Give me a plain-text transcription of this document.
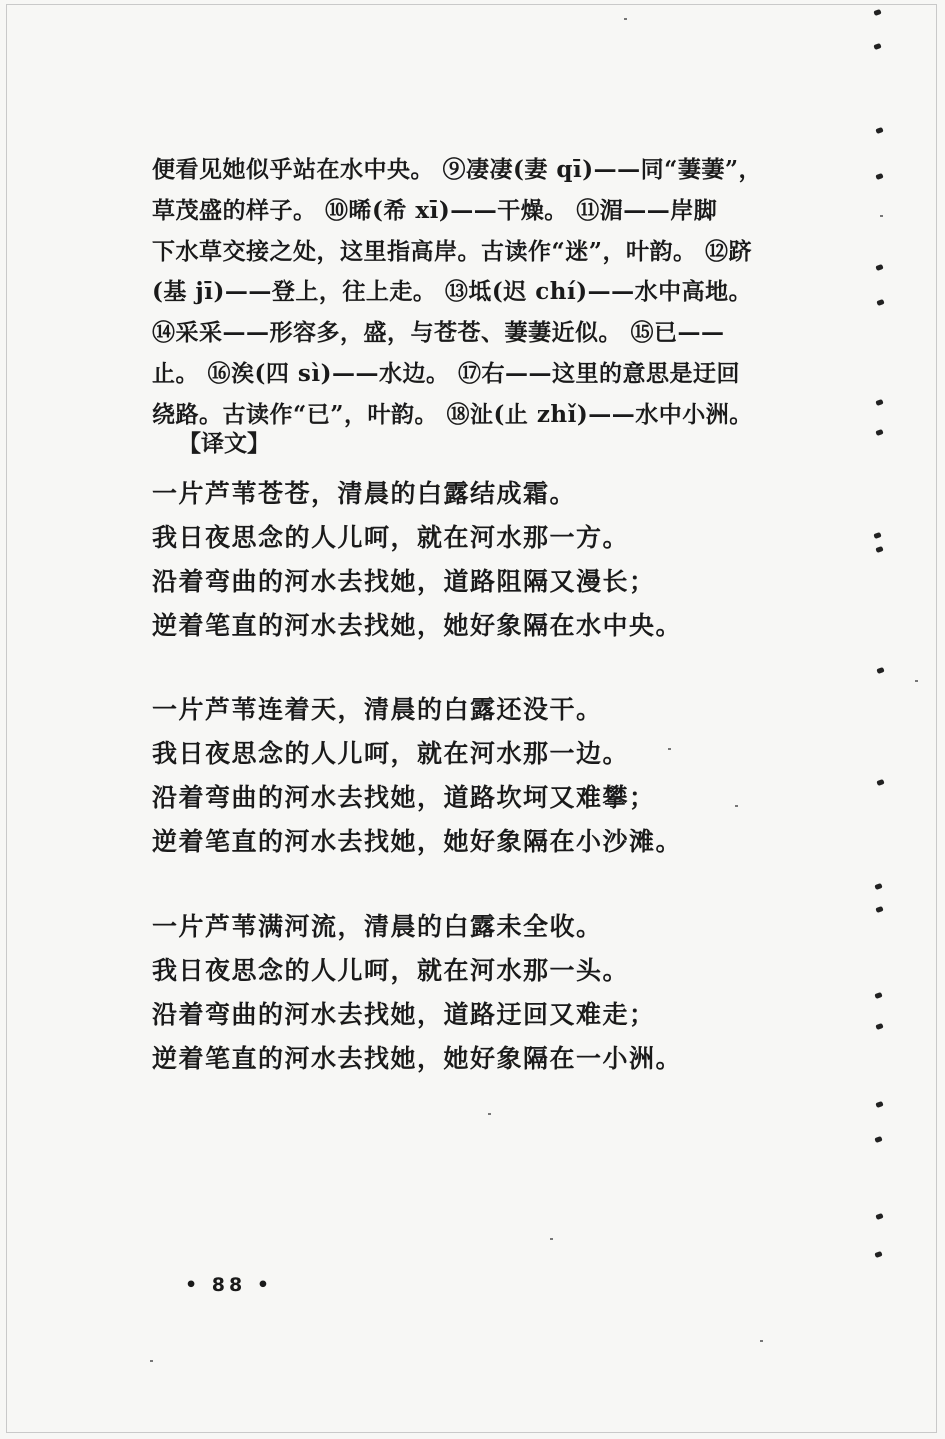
便看见她似乎站在水中央。 ⑨凄凄(妻 qī)——同“萋萋”，
草茂盛的样子。 ⑩晞(希 xī)——干燥。 ⑪湄——岸脚
下水草交接之处，这里指高岸。古读作“迷”，叶韵。 ⑫跻
(基 jī)——登上，往上走。 ⑬坻(迟 chí)——水中高地。
⑭采采——形容多，盛，与苍苍、萋萋近似。 ⑮已——
止。 ⑯涘(四 sì)——水边。 ⑰右——这里的意思是迂回
绕路。古读作“已”，叶韵。 ⑱沚(止 zhǐ)——水中小洲。
【译文】
一片芦苇苍苍，清晨的白露结成霜。
我日夜思念的人儿呵，就在河水那一方。
沿着弯曲的河水去找她，道路阻隔又漫长；
逆着笔直的河水去找她，她好象隔在水中央。
一片芦苇连着天，清晨的白露还没干。
我日夜思念的人儿呵，就在河水那一边。
沿着弯曲的河水去找她，道路坎坷又难攀；
逆着笔直的河水去找她，她好象隔在小沙滩。
一片芦苇满河流，清晨的白露未全收。
我日夜思念的人儿呵，就在河水那一头。
沿着弯曲的河水去找她，道路迂回又难走；
逆着笔直的河水去找她，她好象隔在一小洲。
• 88 •
